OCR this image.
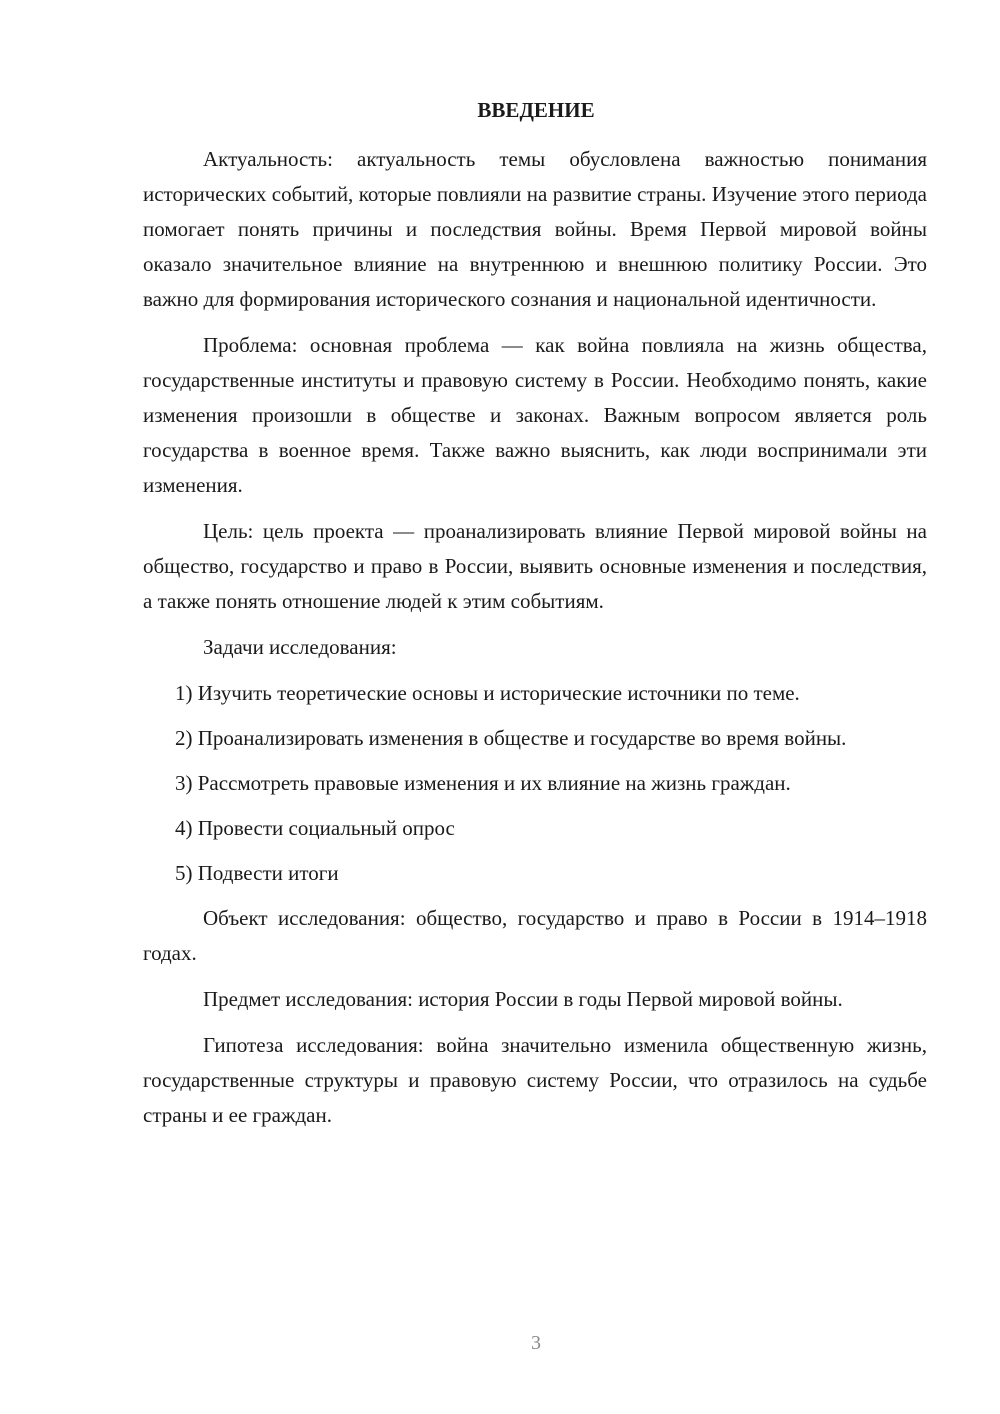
ВВЕДЕНИЕ

Актуальность: актуальность темы обусловлена важностью понимания исторических событий, которые повлияли на развитие страны. Изучение этого периода помогает понять причины и последствия войны. Время Первой мировой войны оказало значительное влияние на внутреннюю и внешнюю политику России. Это важно для формирования исторического сознания и национальной идентичности.

Проблема: основная проблема — как война повлияла на жизнь общества, государственные институты и правовую систему в России. Необходимо понять, какие изменения произошли в обществе и законах. Важным вопросом является роль государства в военное время. Также важно выяснить, как люди воспринимали эти изменения.

Цель: цель проекта — проанализировать влияние Первой мировой войны на общество, государство и право в России, выявить основные изменения и последствия, а также понять отношение людей к этим событиям.

Задачи исследования:

1) Изучить теоретические основы и исторические источники по теме.

2) Проанализировать изменения в обществе и государстве во время войны.

3) Рассмотреть правовые изменения и их влияние на жизнь граждан.

4) Провести социальный опрос

5) Подвести итоги

Объект исследования: общество, государство и право в России в 1914–1918 годах.

Предмет исследования: история России в годы Первой мировой войны.

Гипотеза исследования: война значительно изменила общественную жизнь, государственные структуры и правовую систему России, что отразилось на судьбе страны и ее граждан.

3
